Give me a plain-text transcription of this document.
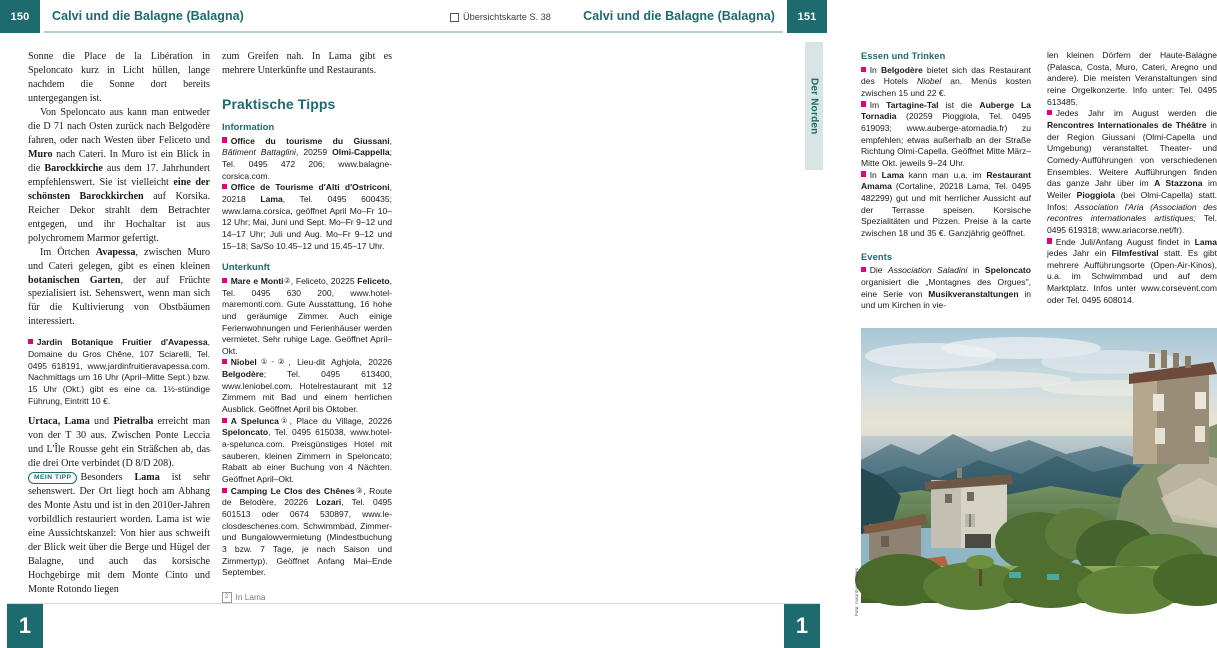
150	Calvi und die Balagne (Balagna)

Sonne die Place de la Libération in Speloncato kurz in Licht hüllen, lange nachdem die Sonne dort bereits untergegangen ist.

Von Speloncato aus kann man entweder die D 71 nach Osten zurück nach Belgodère fahren, oder nach Westen über Feliceto und Muro nach Cateri. In Muro ist ein Blick in die Barockkirche aus dem 17. Jahrhundert empfehlenswert. Sie ist vielleicht eine der schönsten Barockkirchen auf Korsika. Reicher Dekor strahlt dem Betrachter entgegen, und ihr Hochaltar ist aus polychromem Marmor gefertigt.

Im Örtchen Avapessa, zwischen Muro und Cateri gelegen, gibt es einen kleinen botanischen Garten, der auf Früchte spezialisiert ist. Sehenswert, wenn man sich für die Kultivierung von Obstbäumen interessiert.

Jardin Botanique Fruitier d'Avapessa, Domaine du Gros Chêne, 107 Sciarelli, Tel. 0495 618191, www.jardinfruitieravapessa.com. Nachmittags um 16 Uhr (April–Mitte Sept.) bzw. 15 Uhr (Okt.) gibt es eine ca. 1½-stündige Führung, Eintritt 10 €.

Urtaca, Lama und Pietralba erreicht man von der T 30 aus. Zwischen Ponte Leccia und L'Île Rousse geht ein Sträßchen ab, das die drei Orte verbindet (D 8/D 208).

MEIN TIPP Besonders Lama ist sehr sehenswert. Der Ort liegt hoch am Abhang des Monte Astu und ist in den 2010er-Jahren vorbildlich restauriert worden. Lama ist wie eine Aussichtskanzel: Von hier aus schweift der Blick weit über die Berge und Hügel der Balagne, und auch das korsische Hochgebirge mit dem Monte Cinto und Monte Rotondo liegen

zum Greifen nah. In Lama gibt es mehrere Unterkünfte und Restaurants.

Praktische Tipps
Information

Office du tourisme du Giussani, Bâtiment Battaglini, 20259 Olmi-Cappella; Tel. 0495 472 206; www.balagne-corsica.com.

Office de Tourisme d'Alti d'Ostriconi, 20218 Lama, Tel. 0495 600435; www.lama.corsica, geöffnet April Mo–Fr 10–12 Uhr; Mai, Juni und Sept. Mo–Fr 9–12 und 14–17 Uhr; Juli und Aug. Mo–Fr 9–12 und 15–18; Sa/So 10.45–12 und 15.45–17 Uhr.

Unterkunft

Mare e Monti②, Feliceto, 20225 Feliceto, Tel. 0495 630 200, www.hotel-maremonti.com. Gute Ausstattung, 16 hohe und geräumige Zimmer. Auch einige Ferienwohnungen und Ferienhäuser werden vermietet. Sehr ruhige Lage. Geöffnet April–Okt.

Niobel①-②, Lieu-dit Aghjola, 20226 Belgodère; Tel. 0495 613400, www.leniobel.com. Hotelrestaurant mit 12 Zimmern mit Bad und einem herrlichen Ausblick. Geöffnet April bis Oktober.

A Spelunca①, Place du Village, 20226 Speloncato, Tel. 0495 615038, www.hotel-a-spelunca.com. Preisgünstiges Hotel mit sauberen, kleinen Zimmern in Speloncato; Rabatt ab einer Buchung von 4 Nächten. Geöffnet April–Okt.

Camping Le Clos des Chênes③, Route de Belodère, 20226 Lozari, Tel. 0495 601513 oder 0674 530897, www.le-closdeschenes.com. Schwimmbad, Zimmer- und Bungalowvermietung (Mindestbuchung 3 bzw. 7 Tage, je nach Saison und Zimmertyp). Geöffnet Anfang Mai–Ende September.

2 In Lama
1
151
Calvi und die Balagne (Balagna)
Übersichtskarte S. 38
Der Norden
Essen und Trinken

In Belgodère bietet sich das Restaurant des Hotels Niobel an. Menüs kosten zwischen 15 und 22 €.

Im Tartagine-Tal ist die Auberge La Tornadia (20259 Pioggiola, Tel. 0495 619093; www.auberge-atornadia.fr) zu empfehlen; etwas außerhalb an der Straße Richtung Olmi-Capella. Geöffnet Mitte März–Mitte Okt. jeweils 9–24 Uhr.

In Lama kann man u.a. im Restaurant Amama (Cortaline, 20218 Lama, Tel. 0495 482299) gut und mit herrlicher Aussicht auf der Terrasse speisen. Korsische Spezialitäten und Pizzen. Preise à la carte zwischen 18 und 35 €. Ganzjährig geöffnet.

Events

Die Association Saladini in Speloncato organisiert die „Montagnes des Orgues", eine Serie von Musikveranstaltungen in und um Kirchen in vie-

len kleinen Dörfern der Haute-Balagne (Palasca, Costa, Muro, Cateri, Aregno und andere). Die meisten Veranstaltungen sind reine Orgelkonzerte. Info unter: Tel. 0495 613485.

Jedes Jahr im August werden die Rencontres Internationales de Théâtre in der Region Giussani (Olmi-Capella und Umgebung) veranstaltet. Theater- und Comedy-Aufführungen von verschiedenen Ensembles. Weitere Aufführungen finden das ganze Jahr über im A Stazzona im Weiler Pioggiola (bei Olmi-Capella) statt. Infos: Association l'Aria (Association des recontres internationales artistiques; Tel. 0495 619318; www.ariacorse.net/fr).

Ende Juli/Anfang August findet in Lama jedes Jahr ein Filmfestival statt. Es gibt mehrere Aufführungsorte (Open-Air-Kinos), u.a. im Schwimmbad und auf dem Marktplatz. Infos unter www.corsevent.com oder Tel. 0495 608014.

Foto: mauritius images
1
